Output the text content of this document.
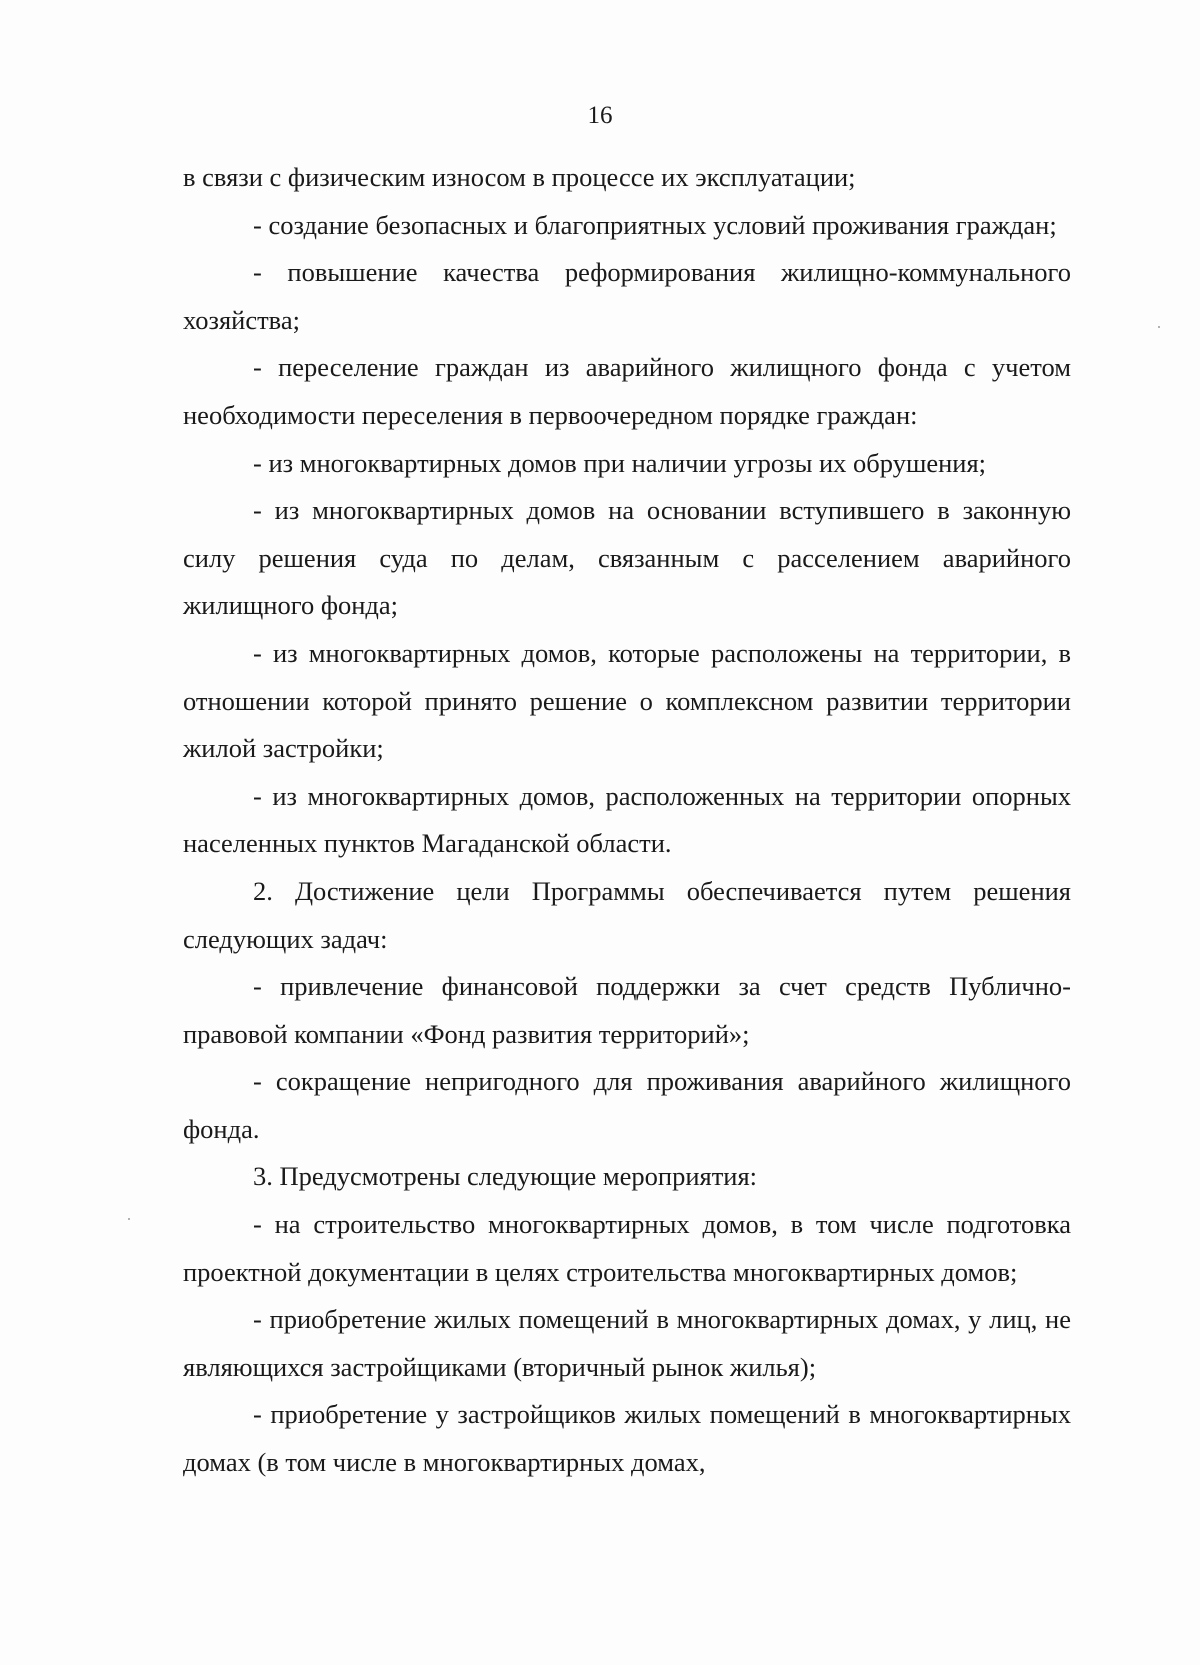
16

в связи с физическим износом в процессе их эксплуатации;

- создание безопасных и благоприятных условий проживания граждан;

- повышение качества реформирования жилищно-коммунального хозяйства;

- переселение граждан из аварийного жилищного фонда с учетом необходимости переселения в первоочередном порядке граждан:

- из многоквартирных домов при наличии угрозы их обрушения;

- из многоквартирных домов на основании вступившего в законную силу решения суда по делам, связанным с расселением аварийного жилищного фонда;

- из многоквартирных домов, которые расположены на территории, в отношении которой принято решение о комплексном развитии территории жилой застройки;

- из многоквартирных домов, расположенных на территории опорных населенных пунктов Магаданской области.

2. Достижение цели Программы обеспечивается путем решения следующих задач:

- привлечение финансовой поддержки за счет средств Публично-правовой компании «Фонд развития территорий»;

- сокращение непригодного для проживания аварийного жилищного фонда.

3. Предусмотрены следующие мероприятия:

- на строительство многоквартирных домов, в том числе подготовка проектной документации в целях строительства многоквартирных домов;

- приобретение жилых помещений в многоквартирных домах, у лиц, не являющихся застройщиками (вторичный рынок жилья);

- приобретение у застройщиков жилых помещений в многоквартирных домах (в том числе в многоквартирных домах,
